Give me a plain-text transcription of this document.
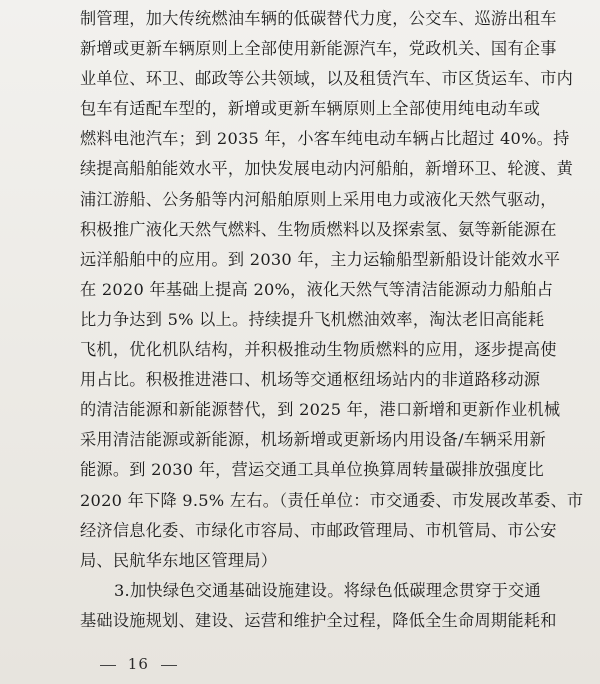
制管理，加大传统燃油车辆的低碳替代力度，公交车、巡游出租车
新增或更新车辆原则上全部使用新能源汽车，党政机关、国有企事
业单位、环卫、邮政等公共领域，以及租赁汽车、市区货运车、市内
包车有适配车型的，新增或更新车辆原则上全部使用纯电动车或
燃料电池汽车；到 2035 年，小客车纯电动车辆占比超过 40%。持
续提高船舶能效水平，加快发展电动内河船舶，新增环卫、轮渡、黄
浦江游船、公务船等内河船舶原则上采用电力或液化天然气驱动，
积极推广液化天然气燃料、生物质燃料以及探索氢、氨等新能源在
远洋船舶中的应用。到 2030 年，主力运输船型新船设计能效水平
在 2020 年基础上提高 20%，液化天然气等清洁能源动力船舶占
比力争达到 5% 以上。持续提升飞机燃油效率，淘汰老旧高能耗
飞机，优化机队结构，并积极推动生物质燃料的应用，逐步提高使
用占比。积极推进港口、机场等交通枢纽场站内的非道路移动源
的清洁能源和新能源替代，到 2025 年，港口新增和更新作业机械
采用清洁能源或新能源，机场新增或更新场内用设备/车辆采用新
能源。到 2030 年，营运交通工具单位换算周转量碳排放强度比
2020 年下降 9.5% 左右。（责任单位：市交通委、市发展改革委、市
经济信息化委、市绿化市容局、市邮政管理局、市机管局、市公安
局、民航华东地区管理局）
3.加快绿色交通基础设施建设。将绿色低碳理念贯穿于交通
基础设施规划、建设、运营和维护全过程，降低全生命周期能耗和
16
